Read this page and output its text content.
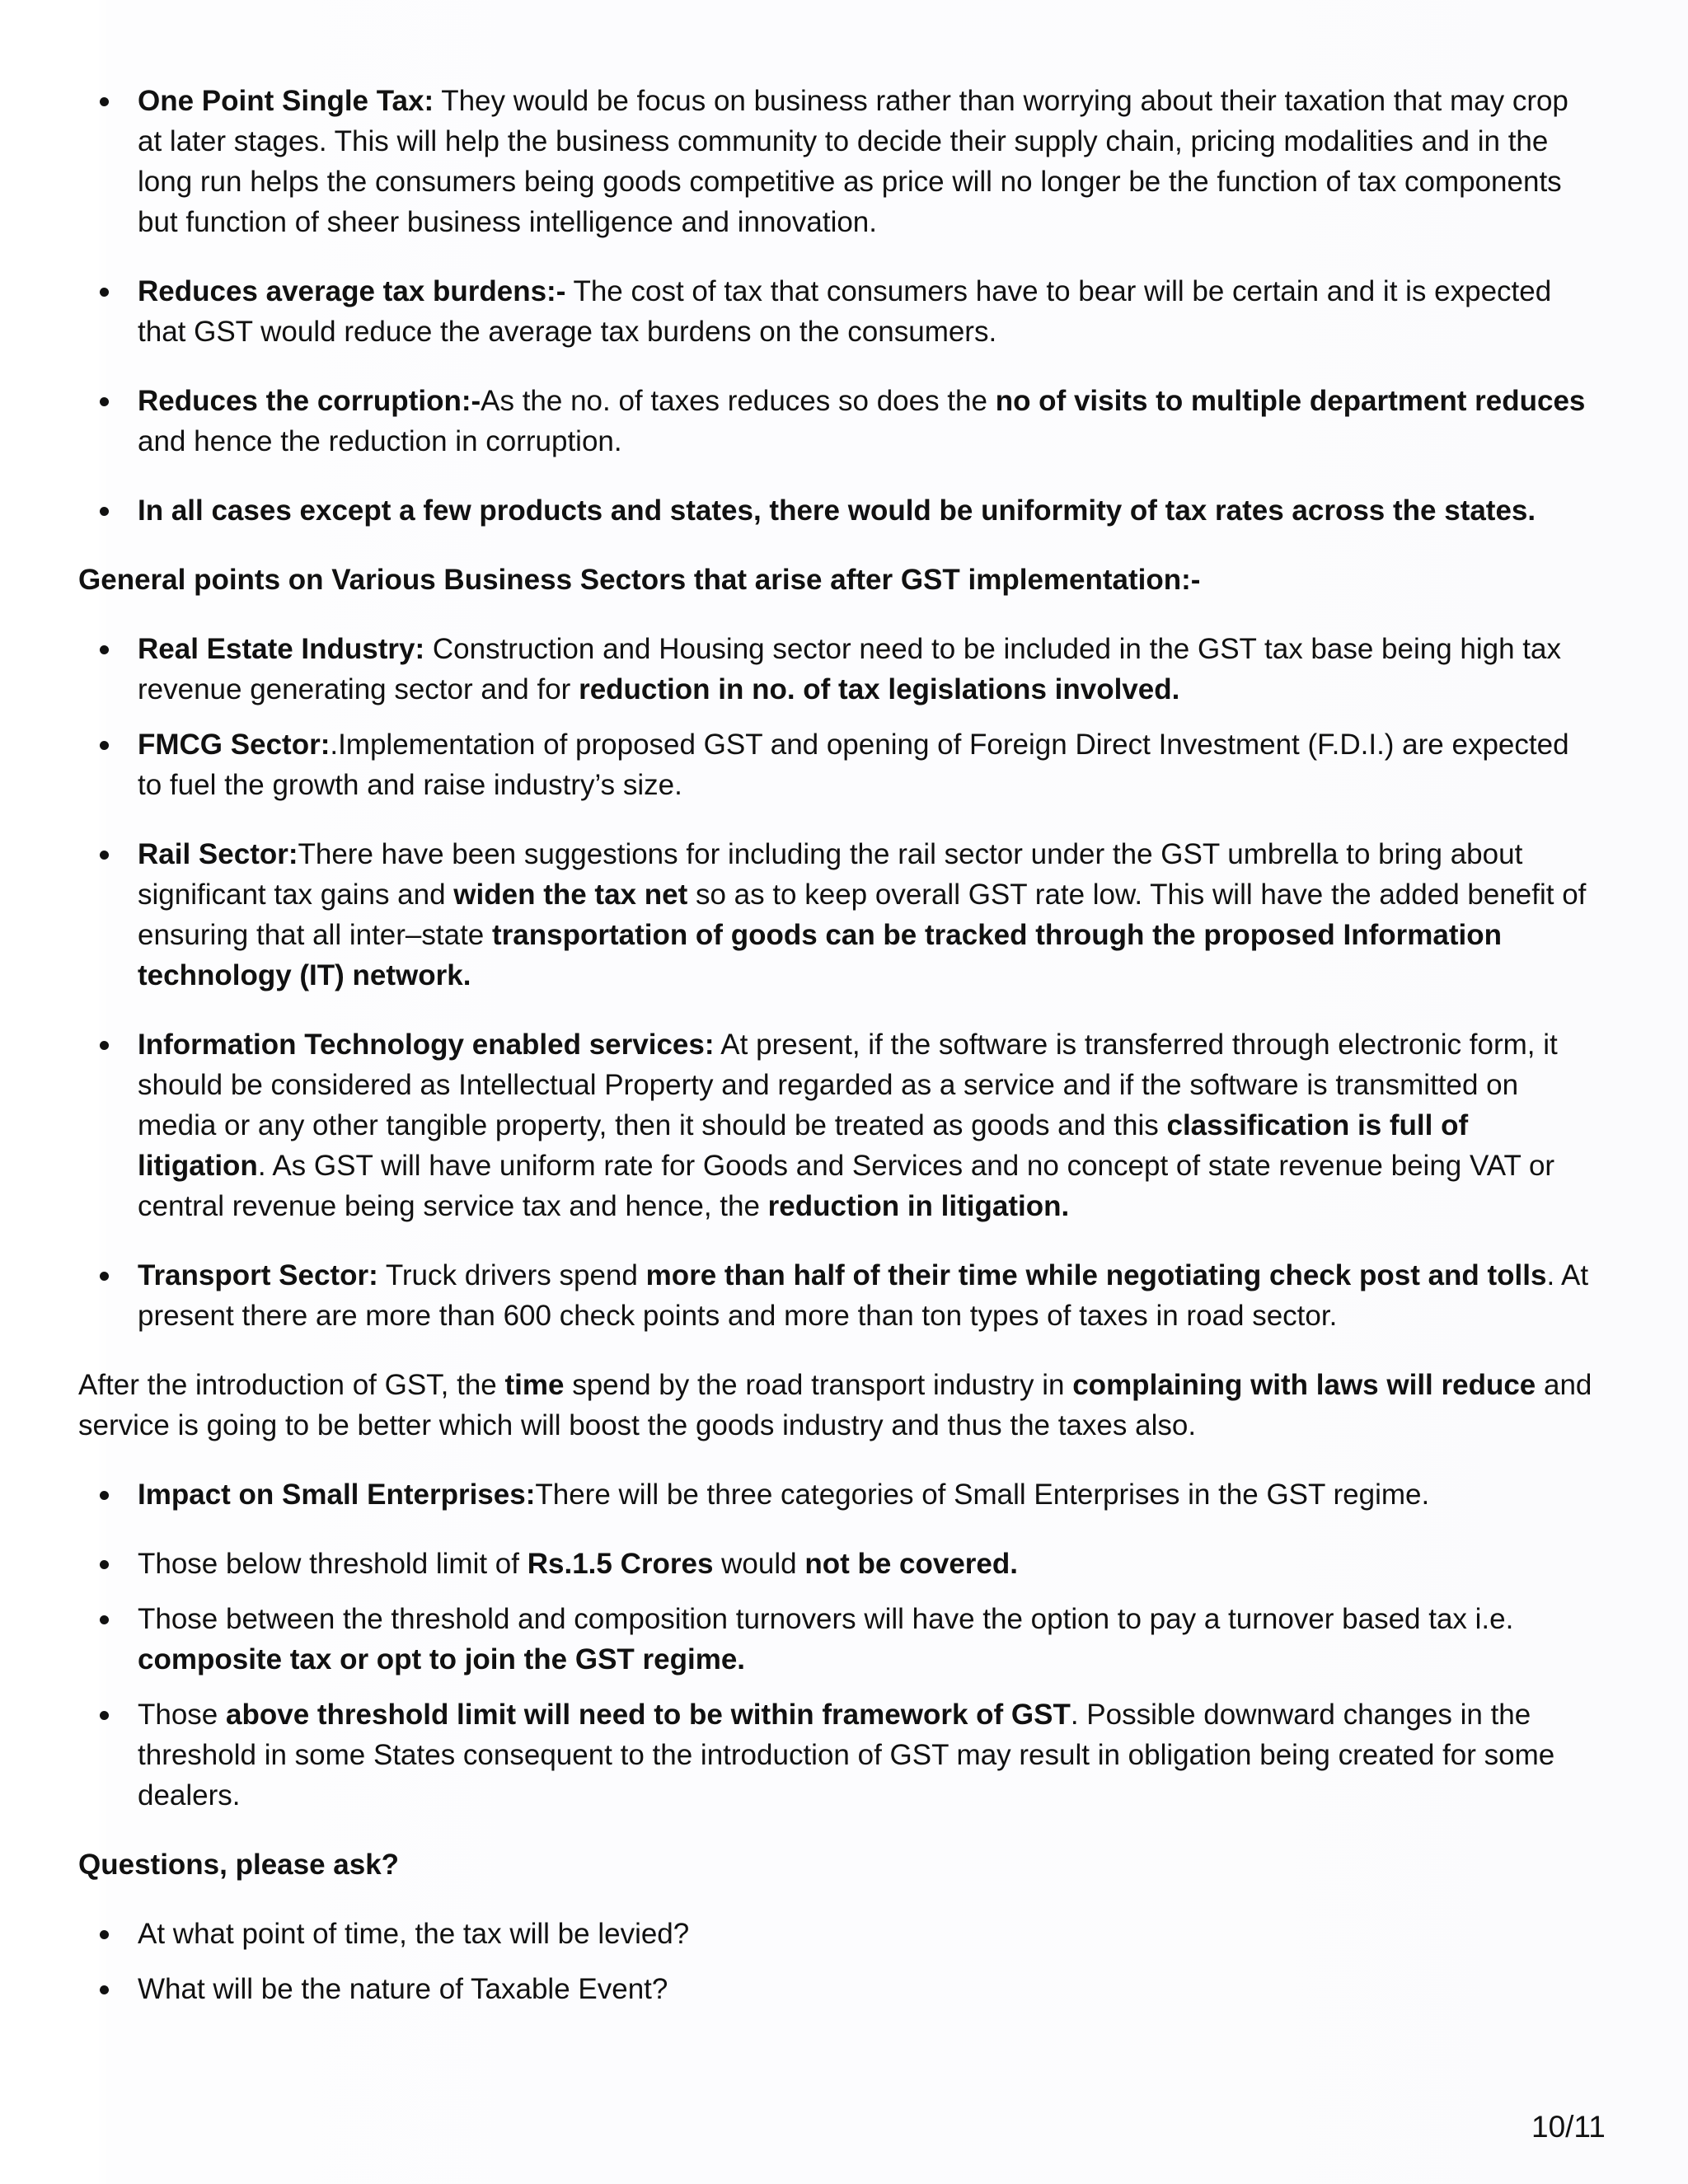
One Point Single Tax: They would be focus on business rather than worrying about their taxation that may crop at later stages. This will help the business community to decide their supply chain, pricing modalities and in the long run helps the consumers being goods competitive as price will no longer be the function of tax components but function of sheer business intelligence and innovation.
Reduces average tax burdens:- The cost of tax that consumers have to bear will be certain and it is expected that GST would reduce the average tax burdens on the consumers.
Reduces the corruption:-As the no. of taxes reduces so does the no of visits to multiple department reduces and hence the reduction in corruption.
In all cases except a few products and states, there would be uniformity of tax rates across the states.
General points on Various Business Sectors that arise after GST implementation:-
Real Estate Industry: Construction and Housing sector need to be included in the GST tax base being high tax revenue generating sector and for reduction in no. of tax legislations involved.
FMCG Sector:.Implementation of proposed GST and opening of Foreign Direct Investment (F.D.I.) are expected to fuel the growth and raise industry’s size.
Rail Sector:There have been suggestions for including the rail sector under the GST umbrella to bring about significant tax gains and widen the tax net so as to keep overall GST rate low. This will have the added benefit of ensuring that all inter–state transportation of goods can be tracked through the proposed Information technology (IT) network.
Information Technology enabled services: At present, if the software is transferred through electronic form, it should be considered as Intellectual Property and regarded as a service and if the software is transmitted on media or any other tangible property, then it should be treated as goods and this classification is full of litigation. As GST will have uniform rate for Goods and Services and no concept of state revenue being VAT or central revenue being service tax and hence, the reduction in litigation.
Transport Sector: Truck drivers spend more than half of their time while negotiating check post and tolls. At present there are more than 600 check points and more than ton types of taxes in road sector.

After the introduction of GST, the time spend by the road transport industry in complaining with laws will reduce and service is going to be better which will boost the goods industry and thus the taxes also.

Impact on Small Enterprises:There will be three categories of Small Enterprises in the GST regime.
Those below threshold limit of Rs.1.5 Crores would not be covered.
Those between the threshold and composition turnovers will have the option to pay a turnover based tax i.e. composite tax or opt to join the GST regime.
Those above threshold limit will need to be within framework of GST. Possible downward changes in the threshold in some States consequent to the introduction of GST may result in obligation being created for some dealers.
Questions, please ask?
At what point of time, the tax will be levied?
What will be the nature of Taxable Event?
10/11
